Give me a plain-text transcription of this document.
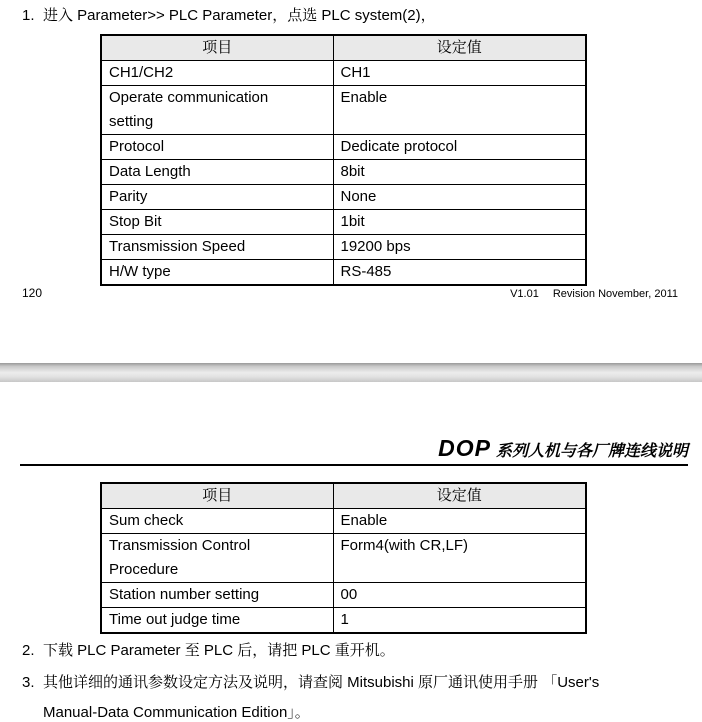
1. 进入 Parameter>> PLC Parameter，点选 PLC system(2)，
项目	设定值
CH1/CH2	CH1
Operate communication setting	Enable
Protocol	Dedicate protocol
Data Length	8bit
Parity	None
Stop Bit	1bit
Transmission Speed	19200 bps
H/W type	RS-485
120	V1.01 Revision November, 2011
DOP 系列人机与各厂牌连线说明
项目	设定值
Sum check	Enable
Transmission Control Procedure	Form4(with CR,LF)
Station number setting	00
Time out judge time	1
2. 下载 PLC Parameter 至 PLC 后，请把 PLC 重开机。
3. 其他详细的通讯参数设定方法及说明，请查阅 Mitsubishi 原厂通讯使用手册 「User's
Manual-Data Communication Edition」。
